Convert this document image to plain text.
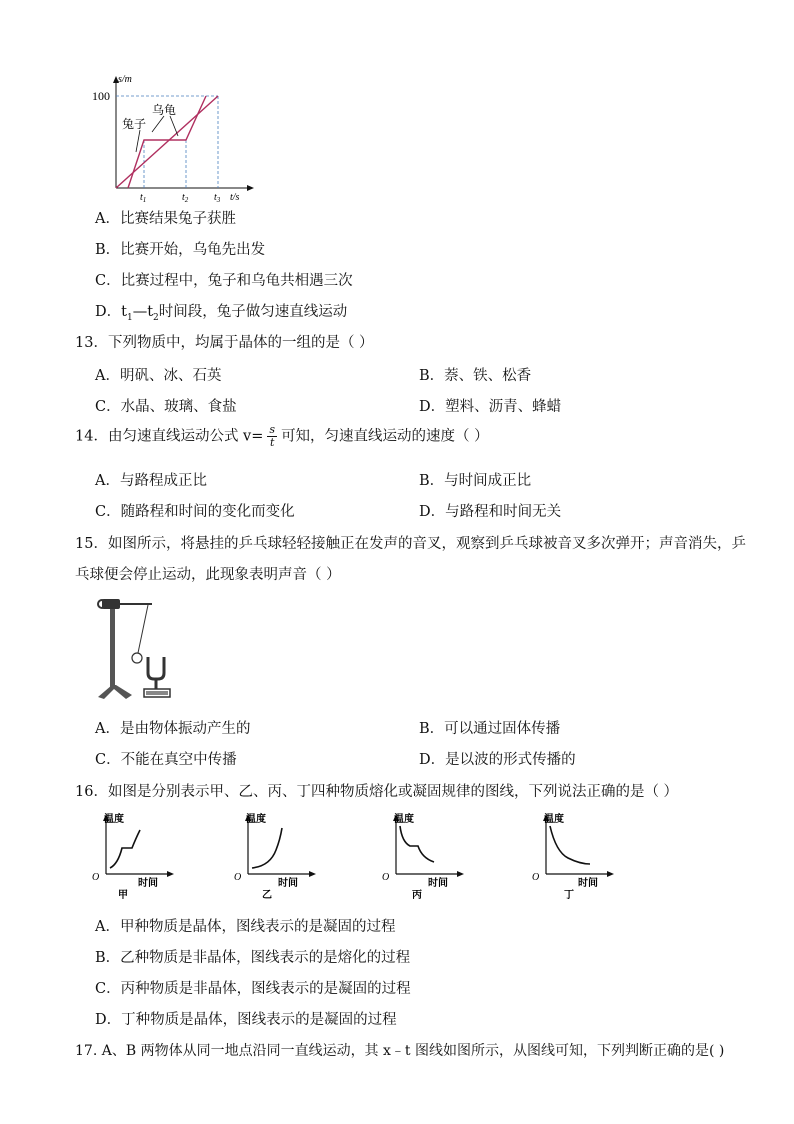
s/m
100
兔子
乌龟
$t_1$	$t_2$	$t_3$ t/s
A．比赛结果兔子获胜
B．比赛开始，乌龟先出发
C．比赛过程中，兔子和乌龟共相遇三次
D．$t_1—t_2$时间段，兔子做匀速直线运动
13．下列物质中，均属于晶体的一组的是（ ）
A．明矾、冰、石英	B．萘、铁、松香
C．水晶、玻璃、食盐	D．塑料、沥青、蜂蜡
14．由匀速直线运动公式 $v= \frac{s}{t}$ 可知，匀速直线运动的速度（ ）
A．与路程成正比	B．与时间成正比
C．随路程和时间的变化而变化	D．与路程和时间无关
15．如图所示，将悬挂的乒乓球轻轻接触正在发声的音叉，观察到乒乓球被音叉多次弹开；声音消失，乒
乓球便会停止运动，此现象表明声音（ ）
A．是由物体振动产生的	B．可以通过固体传播
C．不能在真空中传播	D．是以波的形式传播的
16．如图是分别表示甲、乙、丙、丁四种物质熔化或凝固规律的图线，下列说法正确的是（ ）
温度
O
时间
甲
温度
O
时间
乙
温度
O
时间
丙
温度
O
时间
丁
A．甲种物质是晶体，图线表示的是凝固的过程
B．乙种物质是非晶体，图线表示的是熔化的过程
C．丙种物质是非晶体，图线表示的是凝固的过程
D．丁种物质是晶体，图线表示的是凝固的过程
17. A、B 两物体从同一地点沿同一直线运动，其 x﹣t 图线如图所示，从图线可知，下列判断正确的是( )
